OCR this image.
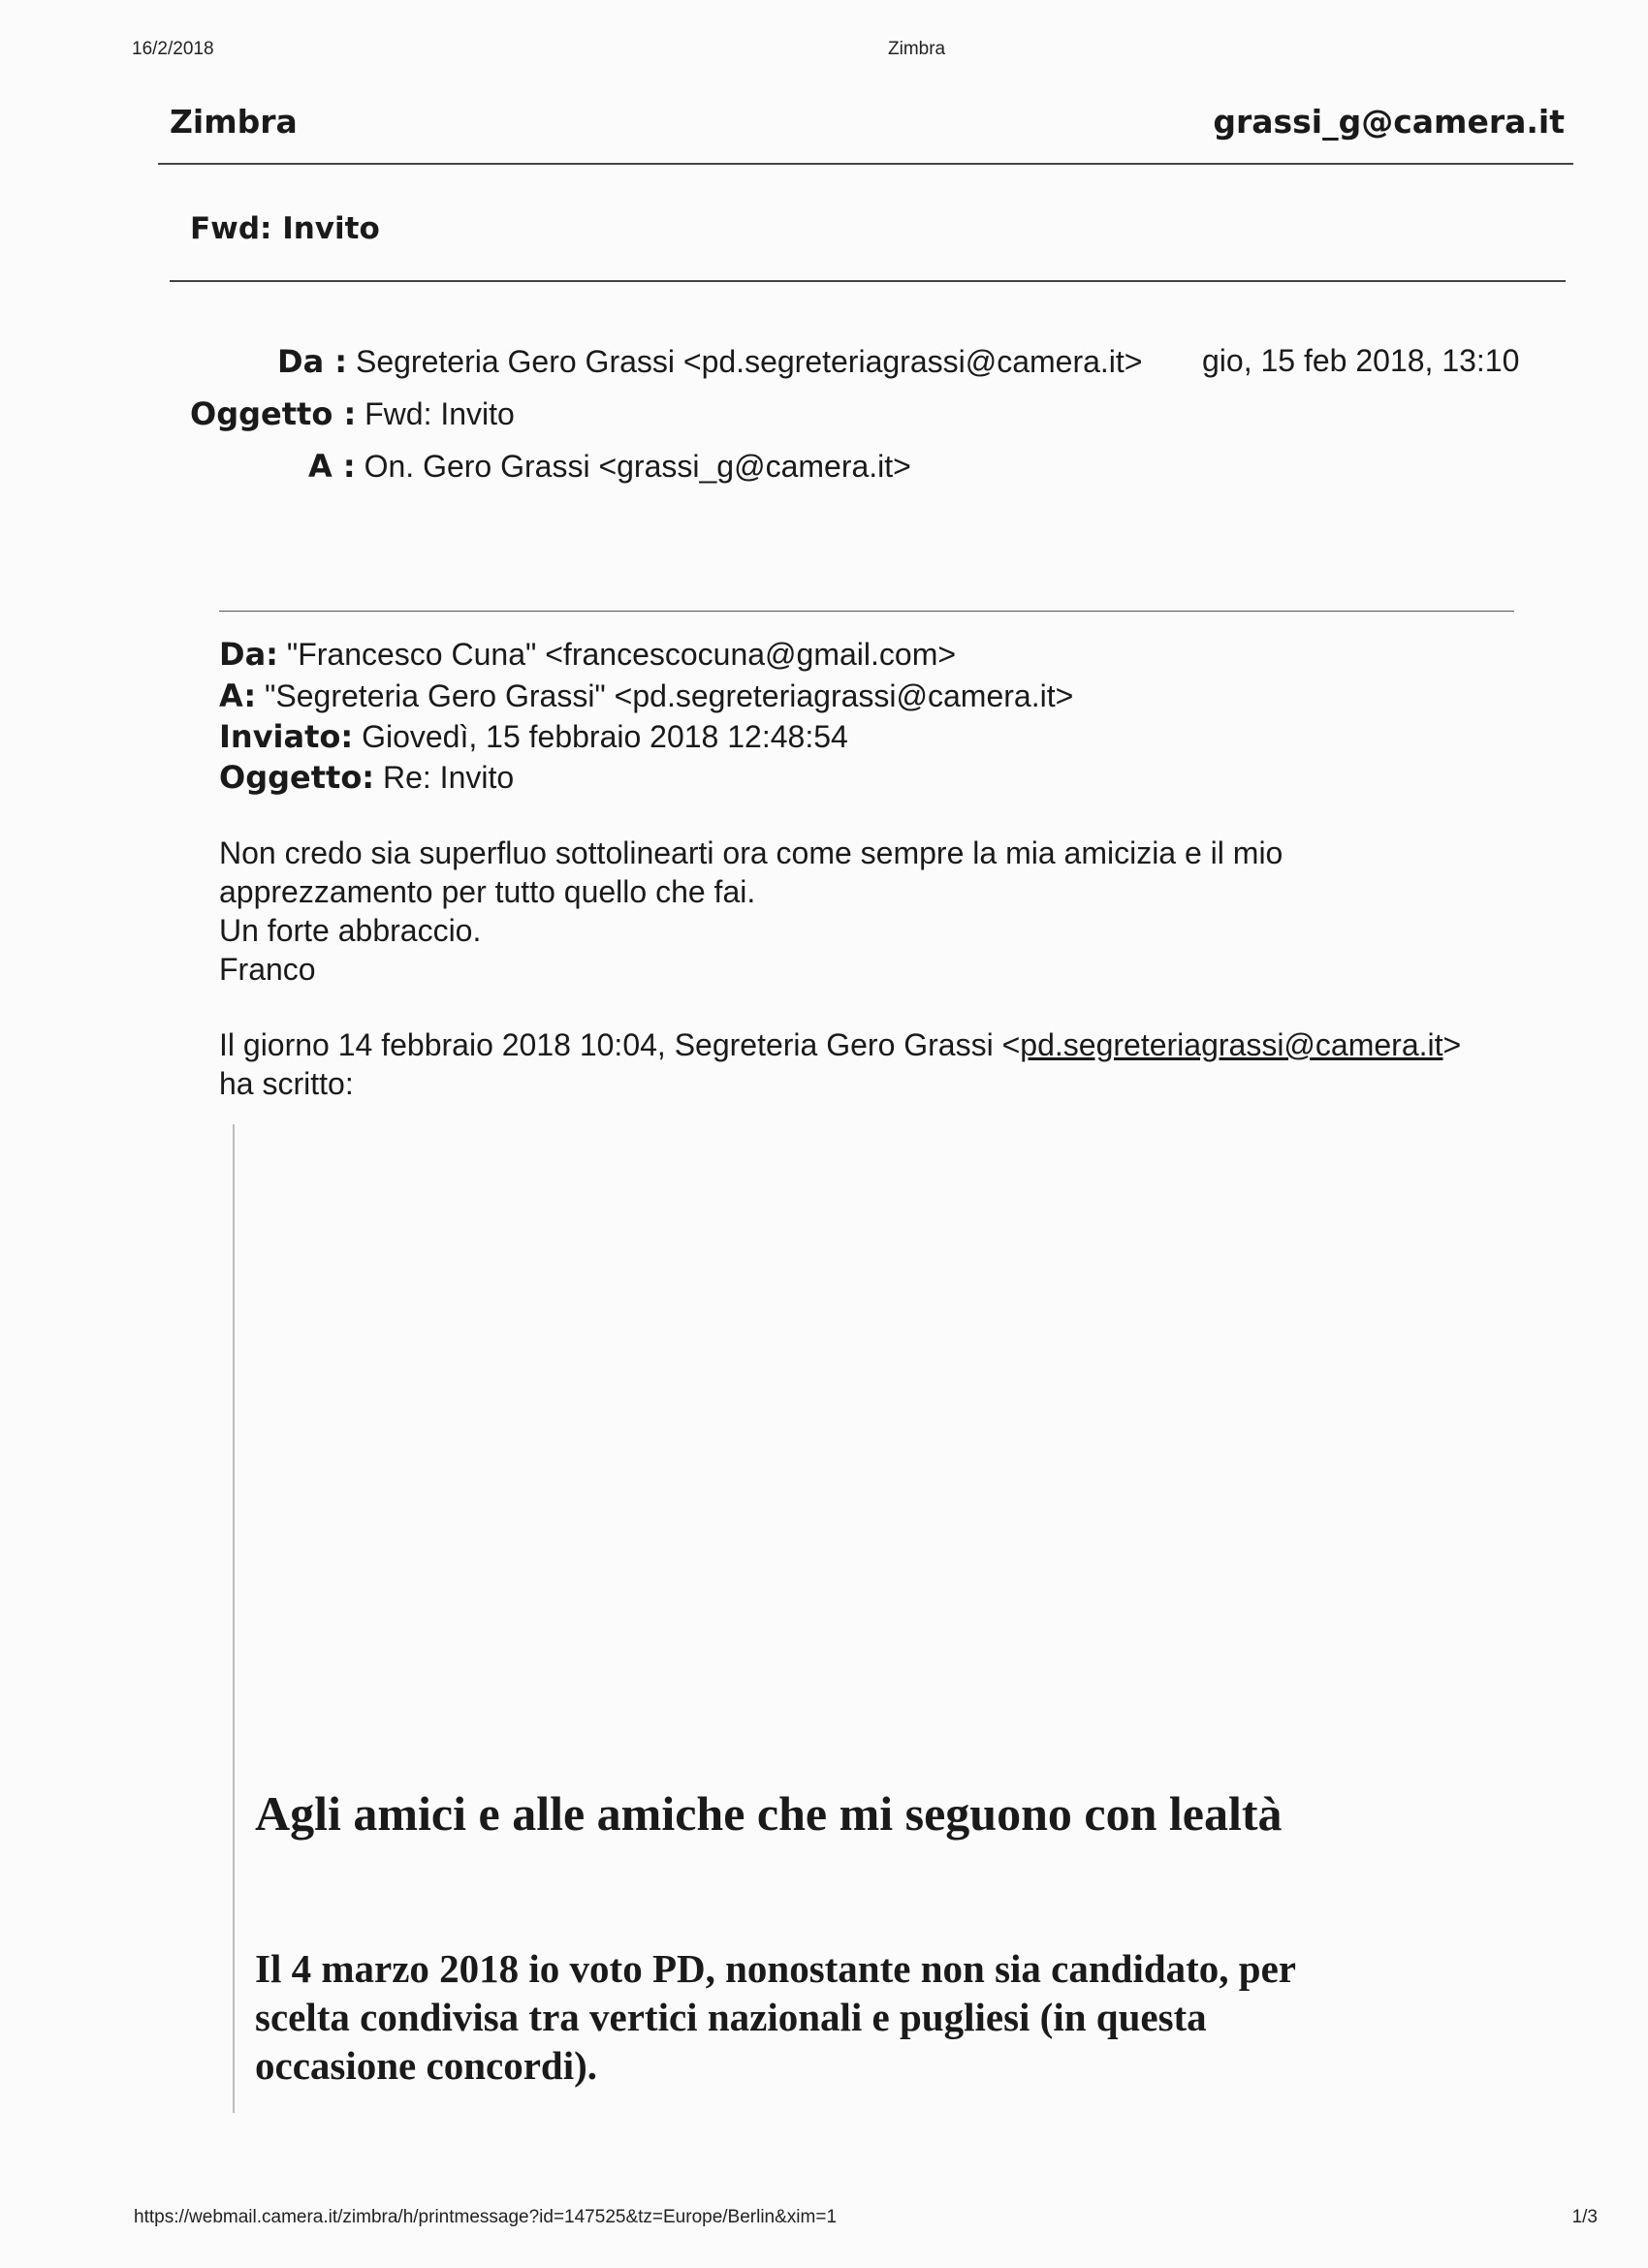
16/2/2018	Zimbra
Zimbra	grassi_g@camera.it
Fwd: Invito
Da : Segreteria Gero Grassi <pd.segreteriagrassi@camera.it> gio, 15 feb 2018, 13:10
Oggetto : Fwd: Invito
A : On. Gero Grassi <grassi_g@camera.it>
Da: "Francesco Cuna" <francescocuna@gmail.com>
A: "Segreteria Gero Grassi" <pd.segreteriagrassi@camera.it>
Inviato: Giovedì, 15 febbraio 2018 12:48:54
Oggetto: Re: Invito
Non credo sia superfluo sottolinearti ora come sempre la mia amicizia e il mio
apprezzamento per tutto quello che fai.
Un forte abbraccio.
Franco
Il giorno 14 febbraio 2018 10:04, Segreteria Gero Grassi <pd.segreteriagrassi@camera.it>
ha scritto:
Agli amici e alle amiche che mi seguono con lealtà
Il 4 marzo 2018 io voto PD, nonostante non sia candidato, per
scelta condivisa tra vertici nazionali e pugliesi (in questa
occasione concordi).
https://webmail.camera.it/zimbra/h/printmessage?id=147525&tz=Europe/Berlin&xim=1	1/3
